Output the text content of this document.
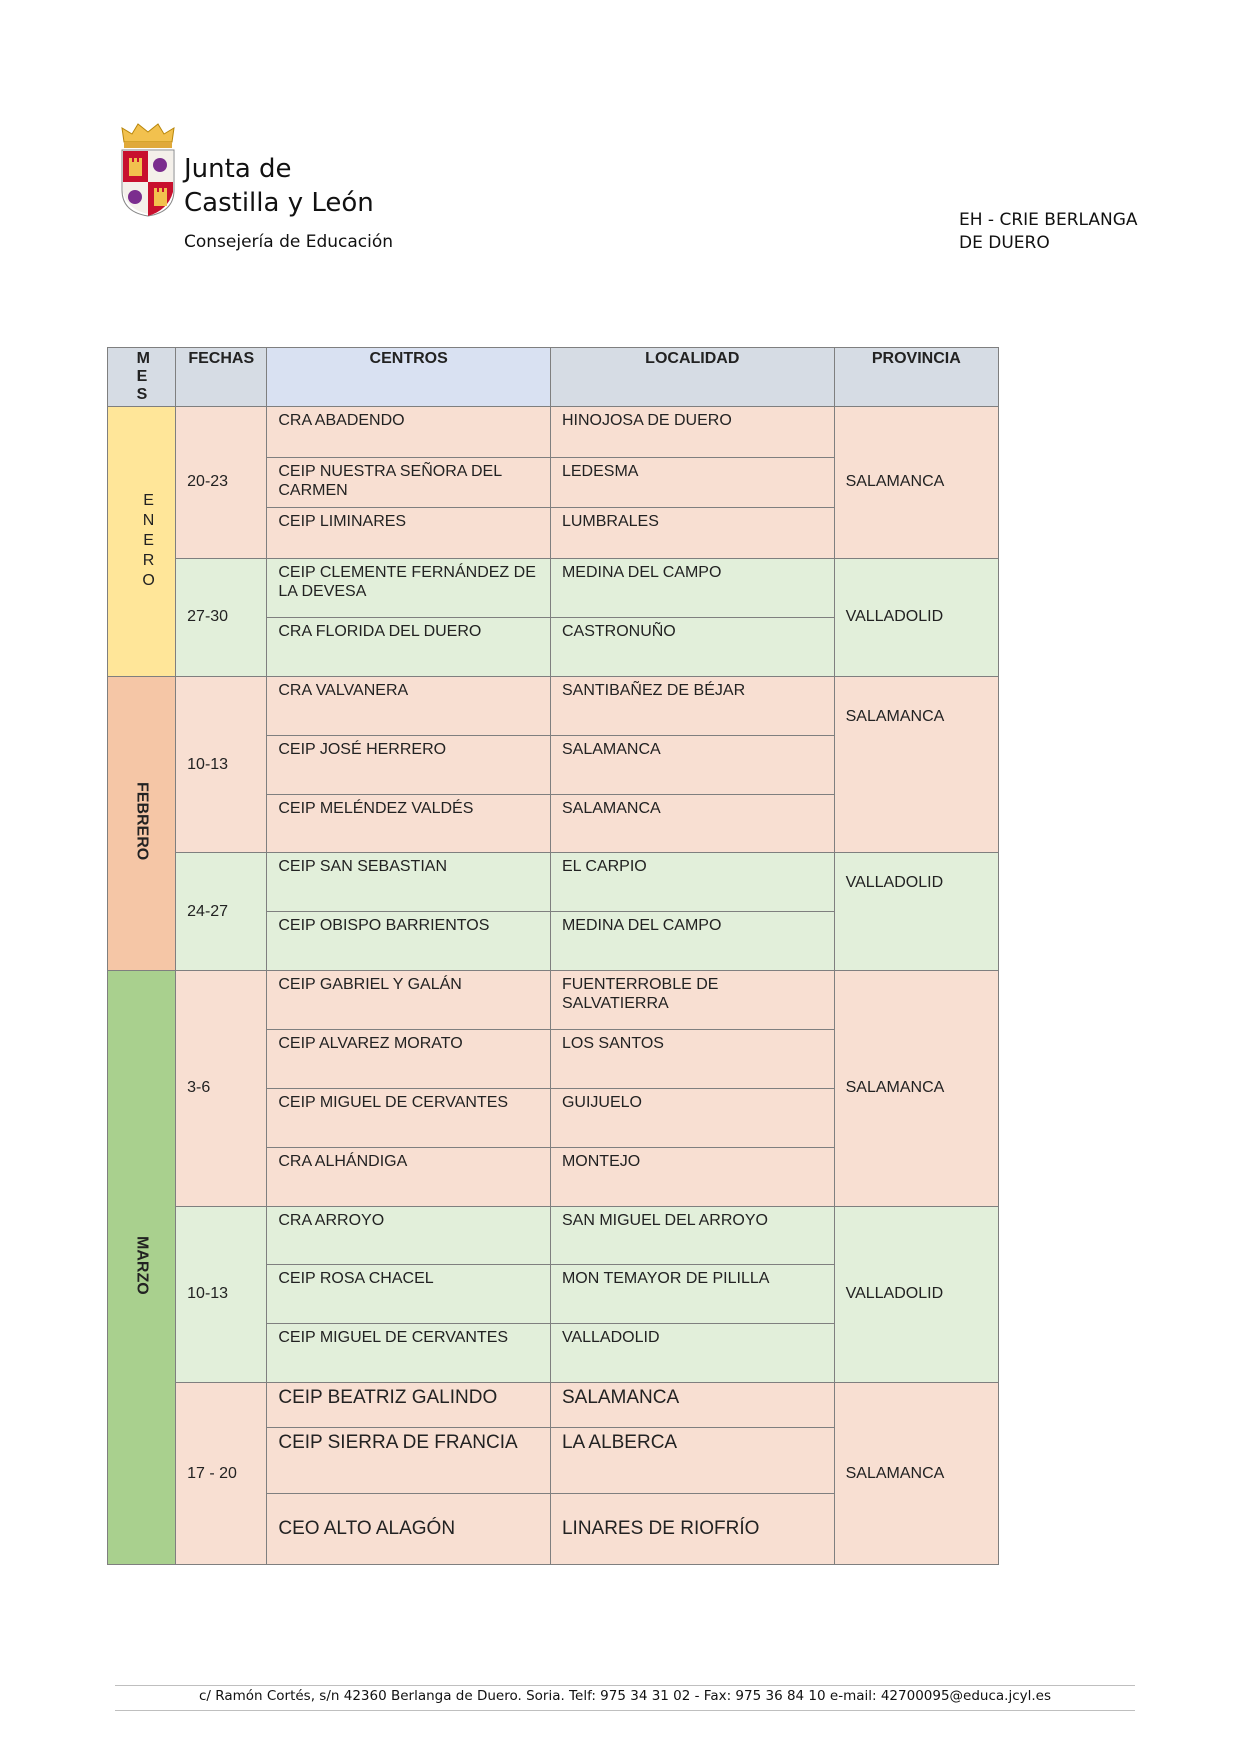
Junta de
Castilla y León
Consejería de Educación
EH - CRIE BERLANGA
DE DUERO
MES	FECHAS	CENTROS	LOCALIDAD	PROVINCIA

ENERO	20-23	CRA ABADENDO	HINOJOSA DE DUERO	SALAMANCA
		CEIP NUESTRA SEÑORA DEL CARMEN	LEDESMA	
		CEIP LIMINARES	LUMBRALES	
	27-30	CEIP CLEMENTE FERNÁNDEZ DE LA DEVESA	MEDINA DEL CAMPO	VALLADOLID
		CRA FLORIDA DEL DUERO	CASTRONUÑO	
FEBRERO	10-13	CRA VALVANERA	SANTIBAÑEZ DE BÉJAR	SALAMANCA
		CEIP JOSÉ HERRERO	SALAMANCA	
		CEIP MELÉNDEZ VALDÉS	SALAMANCA	
	24-27	CEIP SAN SEBASTIAN	EL CARPIO	VALLADOLID
		CEIP OBISPO BARRIENTOS	MEDINA DEL CAMPO	
MARZO	3-6	CEIP GABRIEL Y GALÁN	FUENTERROBLE DE SALVATIERRA	SALAMANCA
		CEIP ALVAREZ MORATO	LOS SANTOS	
		CEIP MIGUEL DE CERVANTES	GUIJUELO	
		CRA ALHÁNDIGA	MONTEJO	
	10-13	CRA ARROYO	SAN MIGUEL DEL ARROYO	VALLADOLID
		CEIP ROSA CHACEL	MON TEMAYOR DE PILILLA	
		CEIP MIGUEL DE CERVANTES	VALLADOLID	
	17 - 20	CEIP BEATRIZ GALINDO	SALAMANCA	SALAMANCA
		CEIP SIERRA DE FRANCIA	LA ALBERCA	
		CEO ALTO ALAGÓN	LINARES DE RIOFRÍO	
c/ Ramón Cortés, s/n 42360 Berlanga de Duero. Soria. Telf: 975 34 31 02 - Fax: 975 36 84 10 e-mail: 42700095@educa.jcyl.es
